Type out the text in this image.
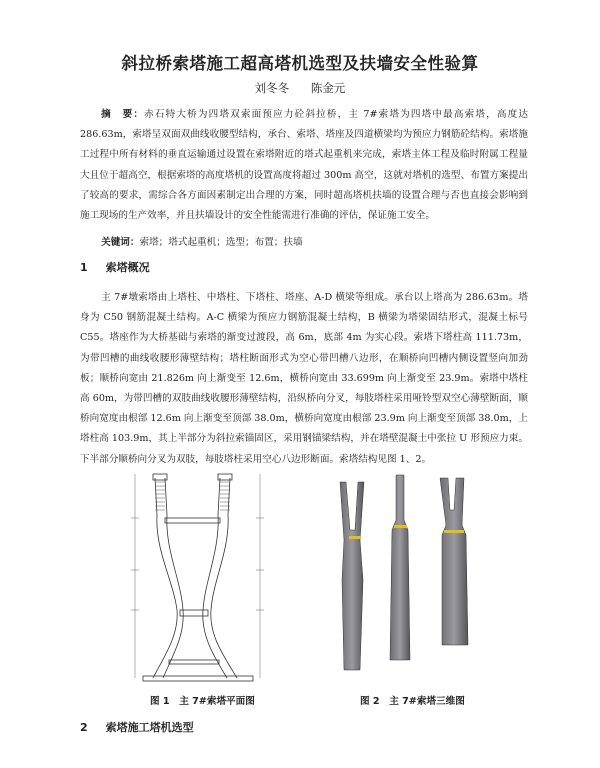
斜拉桥索塔施工超高塔机选型及扶墙安全性验算
刘冬冬 陈金元

摘　要：赤石特大桥为四塔双索面预应力砼斜拉桥，主 7#索塔为四塔中最高索塔，高度达 286.63m，索塔呈双面双曲线收腰型结构，承台、索塔、塔座及四道横梁均为预应力钢筋砼结构。索塔施工过程中所有材料的垂直运输通过设置在索塔附近的塔式起重机来完成，索塔主体工程及临时附属工程量大且位于超高空，根据索塔的高度塔机的设置高度将超过 300m 高空，这就对塔机的选型、布置方案提出了较高的要求，需综合各方面因素制定出合理的方案，同时超高塔机扶墙的设置合理与否也直接会影响到施工现场的生产效率，并且扶墙设计的安全性能需进行准确的评估，保证施工安全。

关键词：索塔；塔式起重机；选型；布置；扶墙

1 索塔概况

主 7#墩索塔由上塔柱、中塔柱、下塔柱、塔座、A-D 横梁等组成。承台以上塔高为 286.63m。塔身为 C50 钢筋混凝土结构。A-C 横梁为预应力钢筋混凝土结构，B 横梁为塔梁固结形式，混凝土标号 C55。塔座作为大桥基础与索塔的渐变过渡段，高 6m，底部 4m 为实心段。索塔下塔柱高 111.73m，为带凹槽的曲线收腰形薄壁结构；塔柱断面形式为空心带凹槽八边形，在顺桥向凹槽内侧设置竖向加劲板；顺桥向宽由 21.826m 向上渐变至 12.6m，横桥向宽由 33.699m 向上渐变至 23.9m。索塔中塔柱高 60m，为带凹槽的双肢曲线收腰形薄壁结构，沿纵桥向分叉，每肢塔柱采用哑铃型双空心薄壁断面，顺桥向宽度由根部 12.6m 向上渐变至顶部 38.0m，横桥向宽度由根部 23.9m 向上渐变至顶部 38.0m，上塔柱高 103.9m，其上半部分为斜拉索锚固区，采用钢锚梁结构，并在塔壁混凝土中张拉 U 形预应力束。下半部分顺桥向分叉为双肢，每肢塔柱采用空心八边形断面。索塔结构见图 1、2。

图 1　主 7#索塔平面图	图 2　主 7#索塔三维图
2 索塔施工塔机选型
